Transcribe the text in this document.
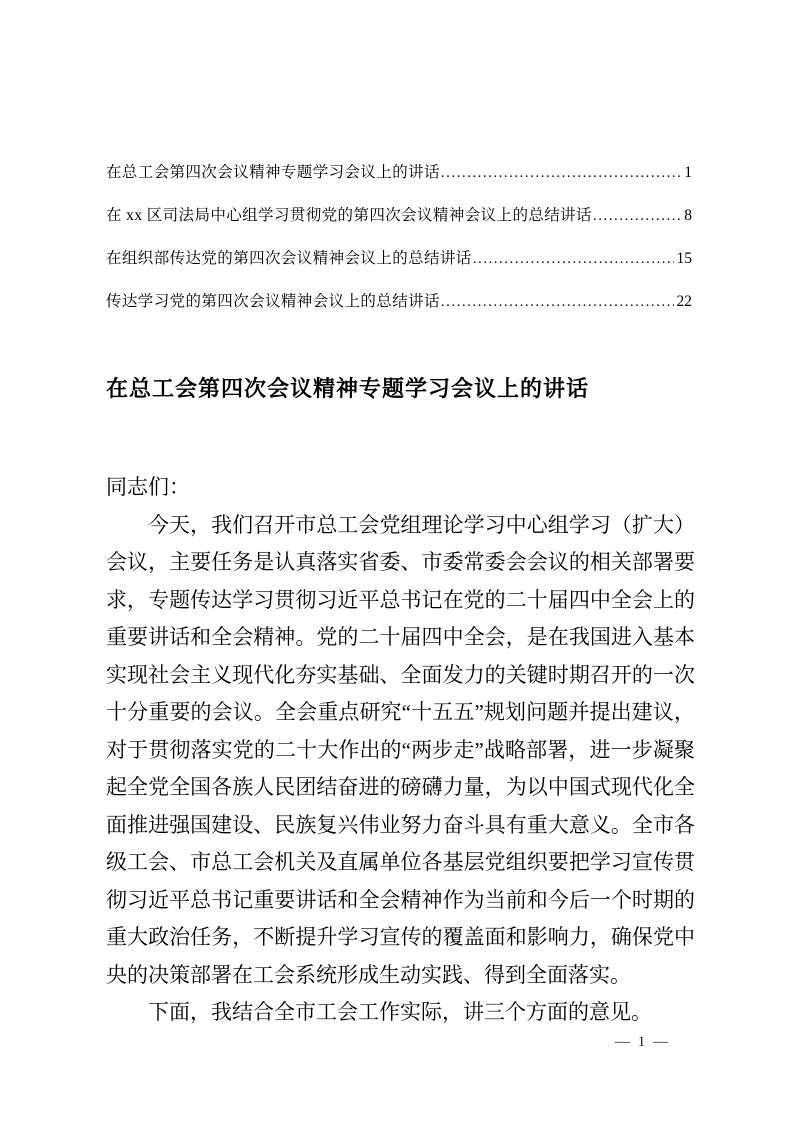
在总工会第四次会议精神专题学习会议上的讲话 .....	1
在 xx 区司法局中心组学习贯彻党的第四次会议精神会议上的总结讲话 .....	8
在组织部传达党的第四次会议精神会议上的总结讲话 .....	15
传达学习党的第四次会议精神会议上的总结讲话 .....	22
在总工会第四次会议精神专题学习会议上的讲话

同志们：

今天，我们召开市总工会党组理论学习中心组学习（扩大）会议，主要任务是认真落实省委、市委常委会会议的相关部署要求，专题传达学习贯彻习近平总书记在党的二十届四中全会上的重要讲话和全会精神。党的二十届四中全会，是在我国进入基本实现社会主义现代化夯实基础、全面发力的关键时期召开的一次十分重要的会议。全会重点研究“十五五”规划问题并提出建议，对于贯彻落实党的二十大作出的“两步走”战略部署，进一步凝聚起全党全国各族人民团结奋进的磅礴力量，为以中国式现代化全面推进强国建设、民族复兴伟业努力奋斗具有重大意义。全市各级工会、市总工会机关及直属单位各基层党组织要把学习宣传贯彻习近平总书记重要讲话和全会精神作为当前和今后一个时期的重大政治任务，不断提升学习宣传的覆盖面和影响力，确保党中央的决策部署在工会系统形成生动实践、得到全面落实。

下面，我结合全市工会工作实际，讲三个方面的意见。

— 1 —
